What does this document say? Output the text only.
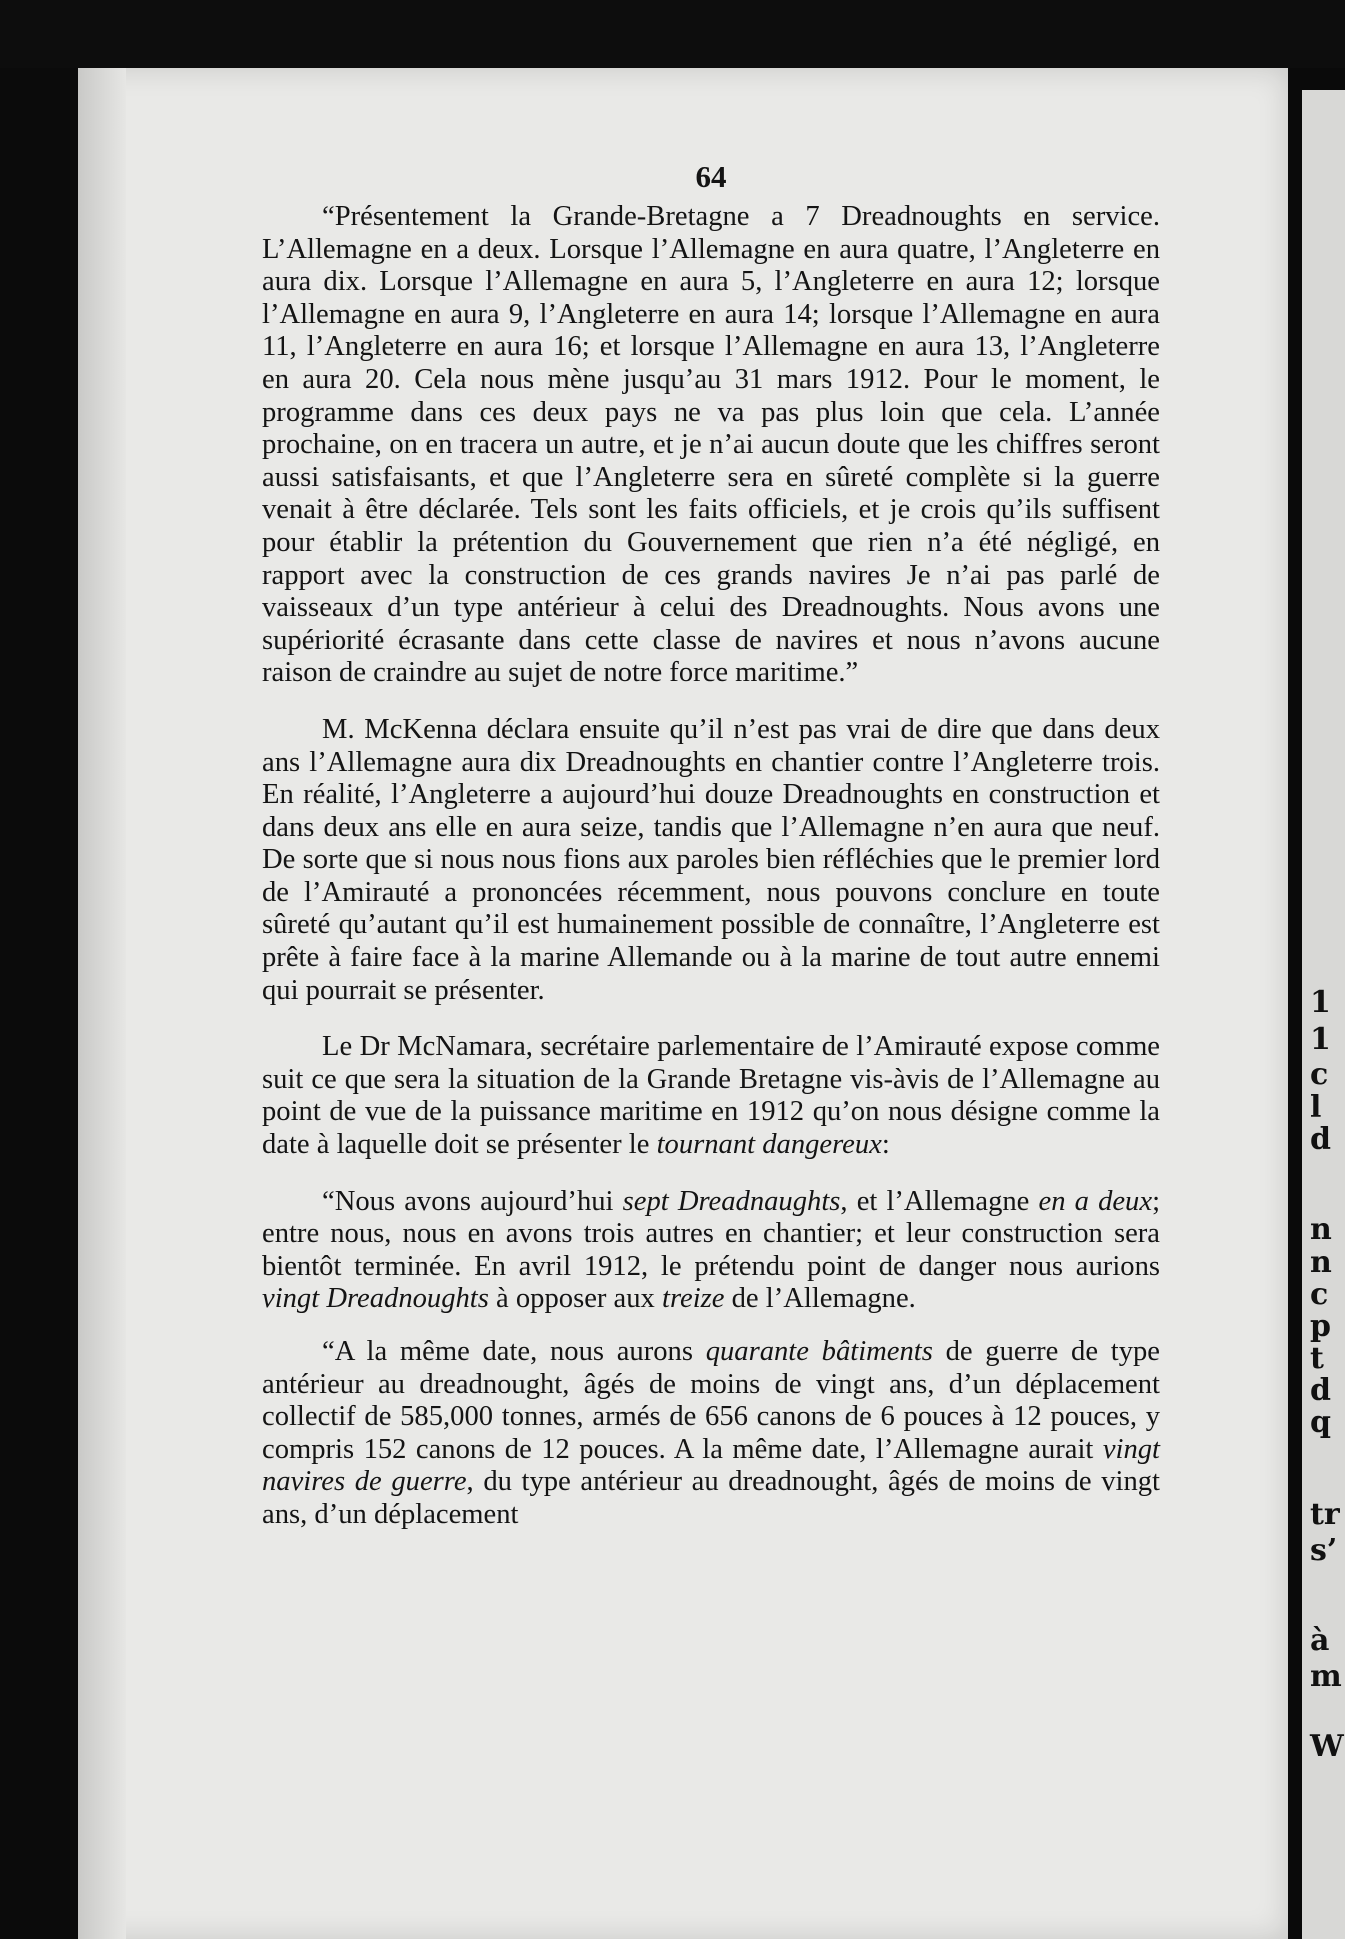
1
1
c
l
d
n
n
c
p
t
d
q
tr
s’
à
m
W
64

“Présentement la Grande-Bretagne a 7 Dreadnoughts en service. L’Allemagne en a deux. Lorsque l’Allemagne en aura quatre, l’Angleterre en aura dix. Lorsque l’Allemagne en aura 5, l’Angleterre en aura 12; lorsque l’Allemagne en aura 9, l’Angleterre en aura 14; lorsque l’Allemagne en aura 11, l’Angleterre en aura 16; et lorsque l’Allemagne en aura 13, l’Angleterre en aura 20. Cela nous mène jusqu’au 31 mars 1912. Pour le moment, le programme dans ces deux pays ne va pas plus loin que cela. L’année prochaine, on en tracera un autre, et je n’ai aucun doute que les chiffres seront aussi satisfaisants, et que l’Angleterre sera en sûreté complète si la guerre venait à être déclarée. Tels sont les faits officiels, et je crois qu’ils suffisent pour établir la prétention du Gouvernement que rien n’a été négligé, en rapport avec la construction de ces grands navires Je n’ai pas parlé de vaisseaux d’un type antérieur à celui des Dreadnoughts. Nous avons une supériorité écrasante dans cette classe de navires et nous n’avons aucune raison de craindre au sujet de notre force maritime.”

M. McKenna déclara ensuite qu’il n’est pas vrai de dire que dans deux ans l’Allemagne aura dix Dreadnoughts en chantier contre l’Angleterre trois. En réalité, l’Angleterre a aujourd’hui douze Dreadnoughts en construction et dans deux ans elle en aura seize, tandis que l’Allemagne n’en aura que neuf. De sorte que si nous nous fions aux paroles bien réfléchies que le premier lord de l’Amirauté a prononcées récemment, nous pouvons conclure en toute sûreté qu’autant qu’il est humainement possible de connaître, l’Angleterre est prête à faire face à la marine Allemande ou à la marine de tout autre ennemi qui pourrait se présenter.

Le Dr McNamara, secrétaire parlementaire de l’Amirauté expose comme suit ce que sera la situation de la Grande Bretagne vis-àvis de l’Allemagne au point de vue de la puissance maritime en 1912 qu’on nous désigne comme la date à laquelle doit se présenter le tournant dangereux:

“Nous avons aujourd’hui sept Dreadnaughts, et l’Allemagne en a deux; entre nous, nous en avons trois autres en chantier; et leur construction sera bientôt terminée. En avril 1912, le prétendu point de danger nous aurions vingt Dreadnoughts à opposer aux treize de l’Allemagne.

“A la même date, nous aurons quarante bâtiments de guerre de type antérieur au dreadnought, âgés de moins de vingt ans, d’un déplacement collectif de 585,000 tonnes, armés de 656 canons de 6 pouces à 12 pouces, y compris 152 canons de 12 pouces. A la même date, l’Allemagne aurait vingt navires de guerre, du type antérieur au dreadnought, âgés de moins de vingt ans, d’un déplacement
